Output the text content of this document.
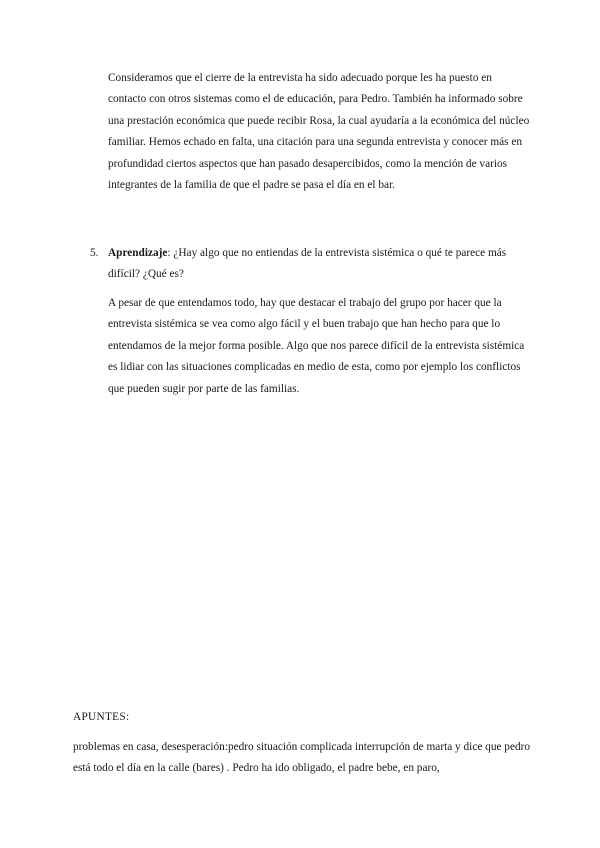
Consideramos que el cierre de la entrevista ha sido adecuado porque les ha puesto en contacto con otros sistemas como el de educación, para Pedro. También ha informado sobre una prestación económica que puede recibir Rosa, la cual ayudaría a la económica del núcleo familiar. Hemos echado en falta, una citación para una segunda entrevista y conocer más en profundidad ciertos aspectos que han pasado desapercibidos, como la mención de varios integrantes de la familia de que el padre se pasa el día en el bar.

5. Aprendizaje: ¿Hay algo que no entiendas de la entrevista sistémica o qué te parece más difícil? ¿Qué es?

A pesar de que entendamos todo, hay que destacar el trabajo del grupo por hacer que la entrevista sistémica se vea como algo fácil y el buen trabajo que han hecho para que lo entendamos de la mejor forma posible. Algo que nos parece difícil de la entrevista sistémica es lidiar con las situaciones complicadas en medio de esta, como por ejemplo los conflictos que pueden sugir por parte de las familias.

APUNTES:

problemas en casa, desesperación:pedro situación complicada interrupción de marta y dice que pedro está todo el día en la calle (bares) . Pedro ha ido obligado, el padre bebe, en paro,
